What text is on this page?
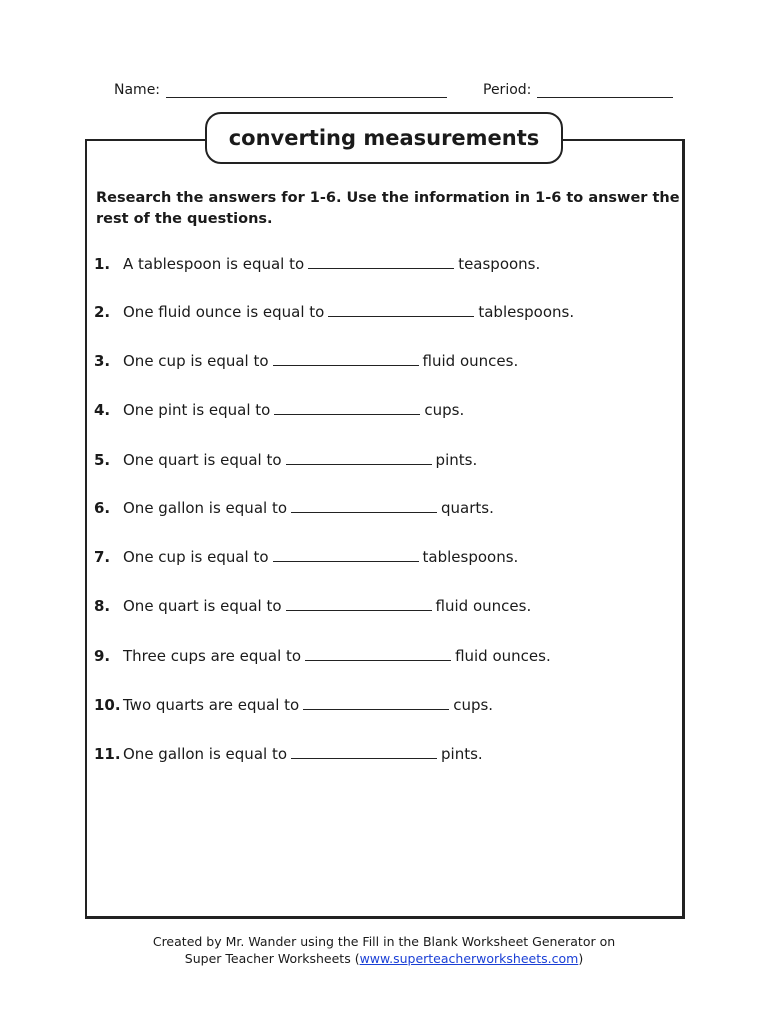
Name:	Period:
converting measurements
Research the answers for 1-6. Use the information in 1-6 to answer the rest of the questions.
1. A tablespoon is equal to	teaspoons.
2. One fluid ounce is equal to	tablespoons.
3. One cup is equal to	fluid ounces.
4. One pint is equal to	cups.
5. One quart is equal to	pints.
6. One gallon is equal to	quarts.
7. One cup is equal to	tablespoons.
8. One quart is equal to	fluid ounces.
9. Three cups are equal to	fluid ounces.
10. Two quarts are equal to	cups.
11. One gallon is equal to	pints.
Created by Mr. Wander using the Fill in the Blank Worksheet Generator on
Super Teacher Worksheets (www.superteacherworksheets.com)
